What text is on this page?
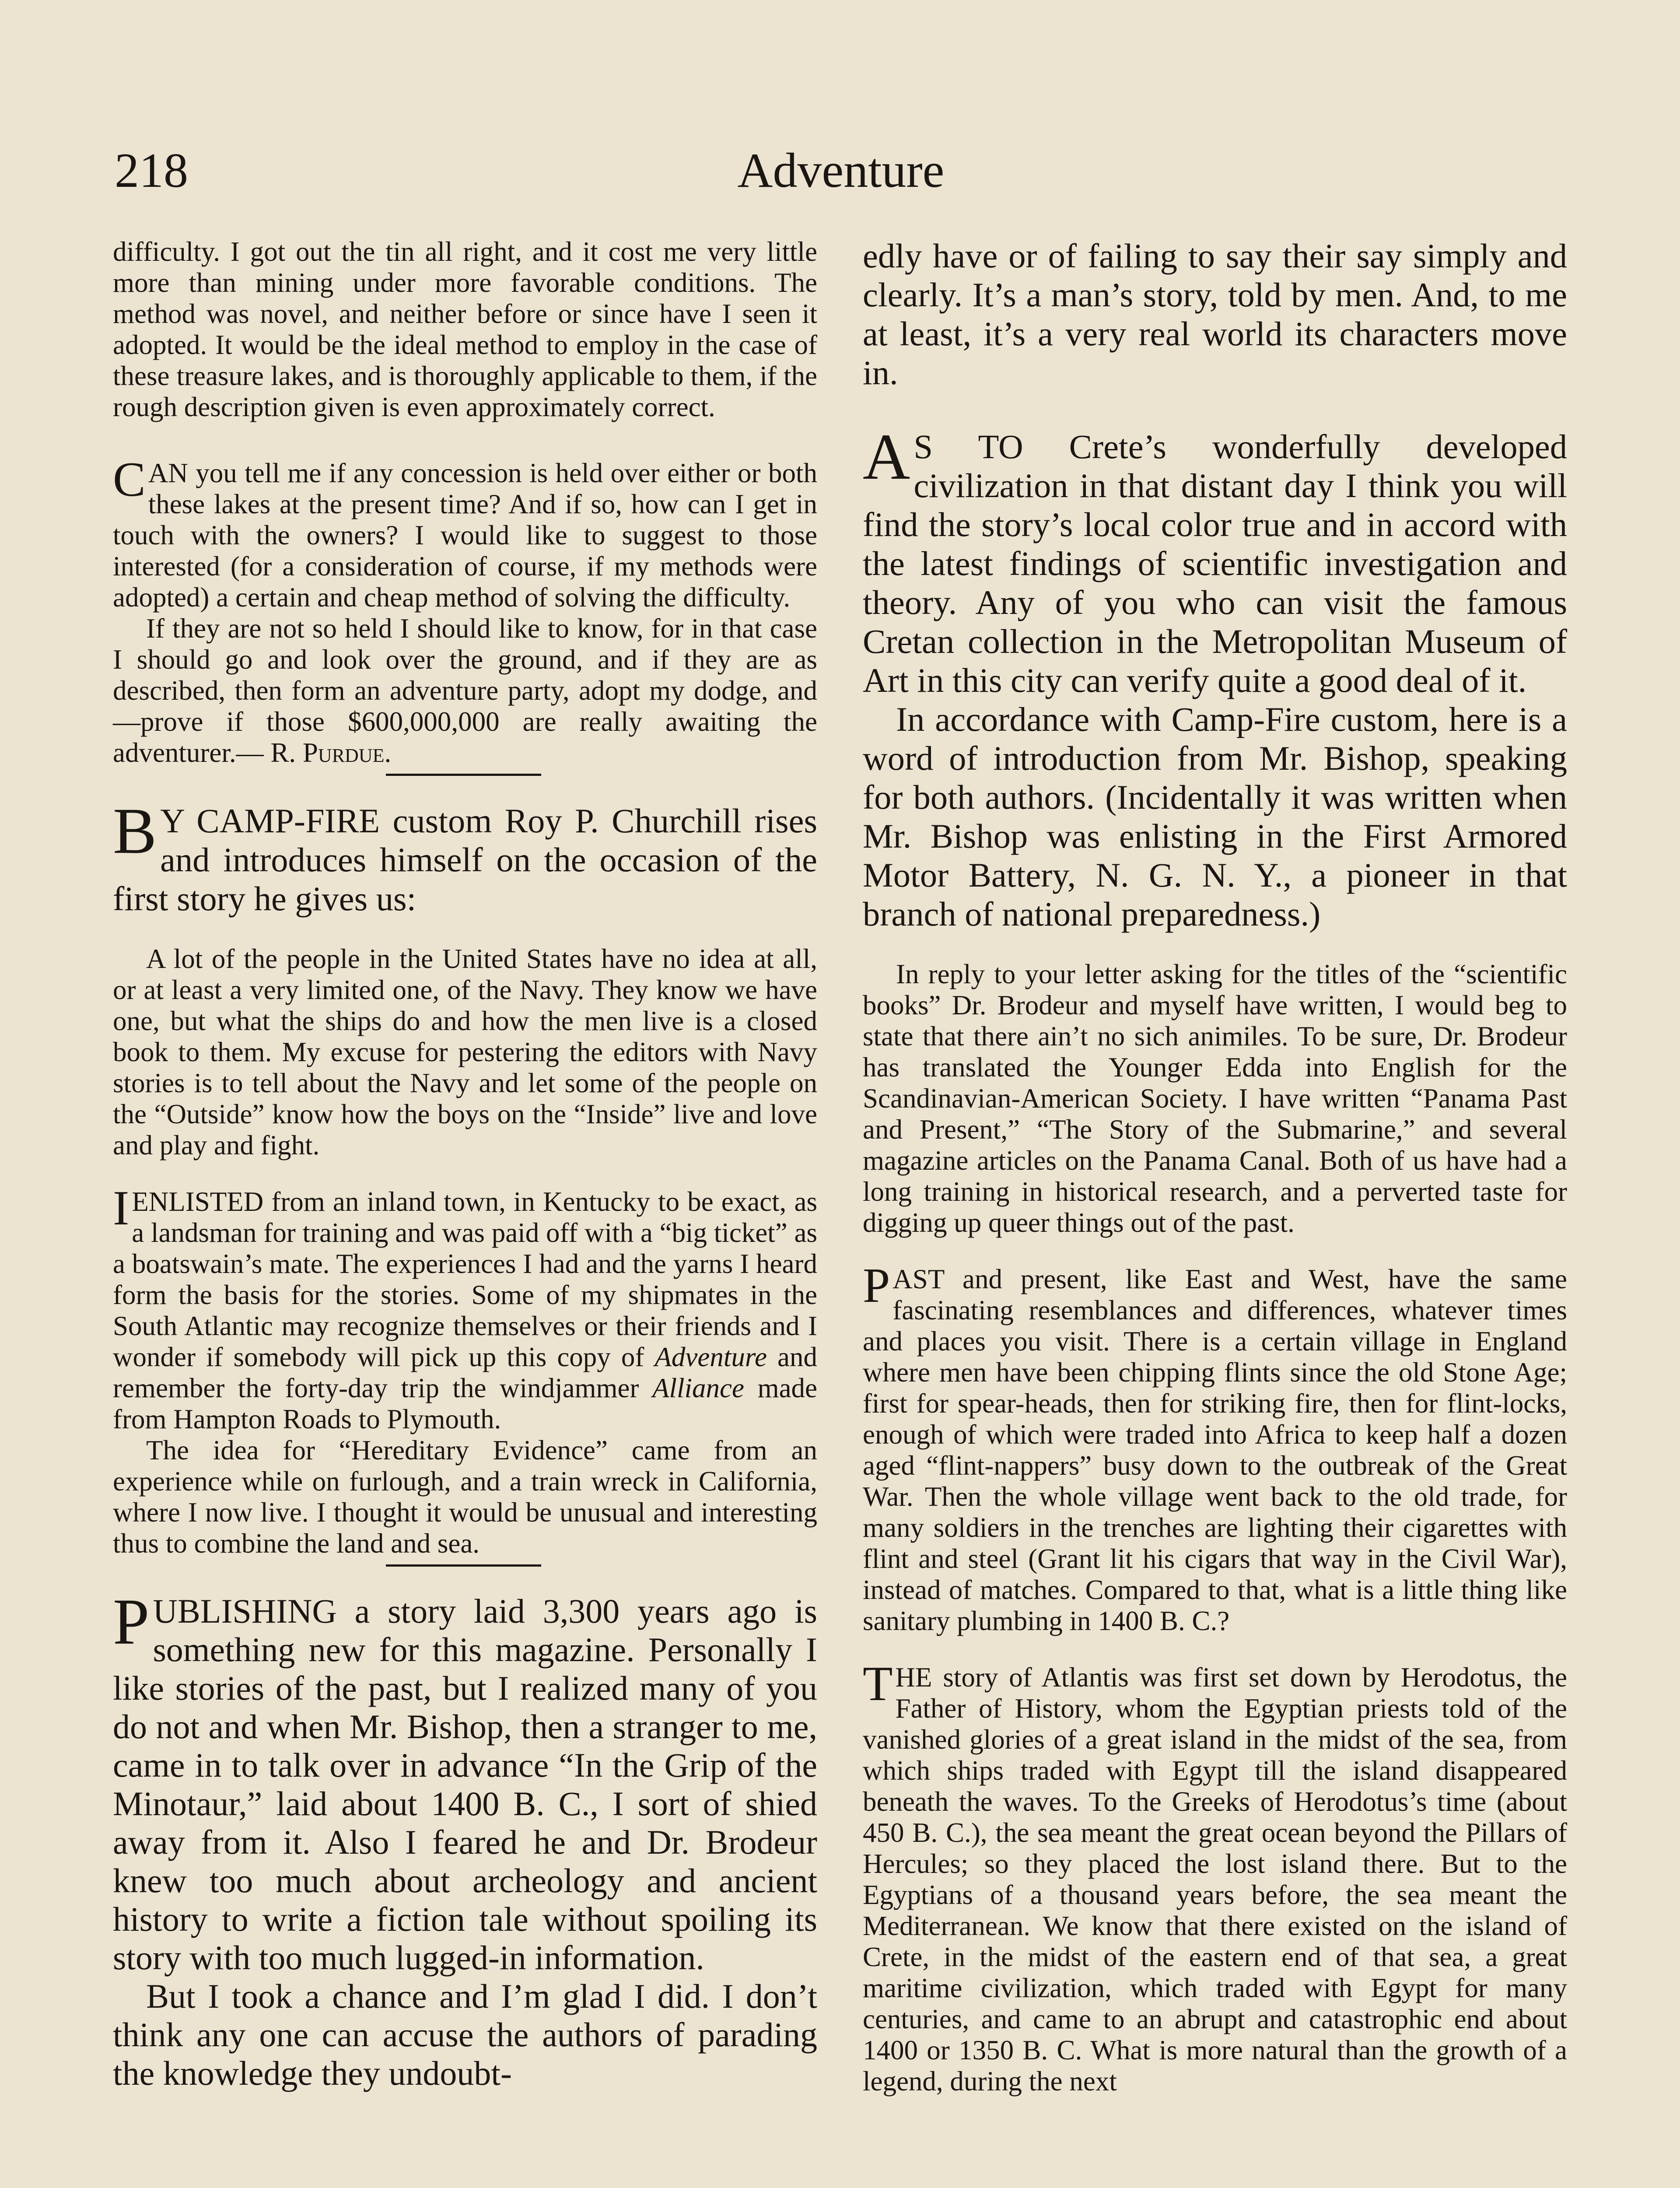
218	Adventure

difficulty. I got out the tin all right, and it cost me very little more than mining under more favorable conditions. The method was novel, and neither before or since have I seen it adopted. It would be the ideal method to employ in the case of these treasure lakes, and is thoroughly applicable to them, if the rough description given is even approximately correct.

CAN you tell me if any concession is held over either or both these lakes at the present time? And if so, how can I get in touch with the owners? I would like to suggest to those interested (for a consideration of course, if my methods were adopted) a certain and cheap method of solving the difficulty.

If they are not so held I should like to know, for in that case I should go and look over the ground, and if they are as described, then form an adventure party, adopt my dodge, and—prove if those $600,000,000 are really awaiting the adventurer.— R. Purdue.

B Y CAMP-FIRE custom Roy P. Churchill rises and introduces himself on the occasion of the first story he gives us:

A lot of the people in the United States have no idea at all, or at least a very limited one, of the Navy. They know we have one, but what the ships do and how the men live is a closed book to them. My excuse for pestering the editors with Navy stories is to tell about the Navy and let some of the people on the “Outside” know how the boys on the “Inside” live and love and play and fight.

IENLISTED from an inland town, in Kentucky to be exact, as a landsman for training and was paid off with a “big ticket” as a boatswain’s mate. The experiences I had and the yarns I heard form the basis for the stories. Some of my shipmates in the South Atlantic may recognize themselves or their friends and I wonder if somebody will pick up this copy of Adventure and remember the forty-day trip the windjammer Alliance made from Hampton Roads to Plymouth.

The idea for “Hereditary Evidence” came from an experience while on furlough, and a train wreck in California, where I now live. I thought it would be unusual and interesting thus to combine the land and sea.

PUBLISHING a story laid 3,300 years ago is something new for this magazine. Personally I like stories of the past, but I realized many of you do not and when Mr. Bishop, then a stranger to me, came in to talk over in advance “In the Grip of the Minotaur,” laid about 1400 B. C., I sort of shied away from it. Also I feared he and Dr. Brodeur knew too much about archeology and ancient history to write a fiction tale without spoiling its story with too much lugged-in information.

But I took a chance and I’m glad I did. I don’t think any one can accuse the authors of parading the knowledge they undoubt-

edly have or of failing to say their say simply and clearly. It’s a man’s story, told by men. And, to me at least, it’s a very real world its characters move in.

A S TO Crete’s wonderfully developed civilization in that distant day I think you will find the story’s local color true and in accord with the latest findings of scientific investigation and theory. Any of you who can visit the famous Cretan collection in the Metropolitan Museum of Art in this city can verify quite a good deal of it.

In accordance with Camp-Fire custom, here is a word of introduction from Mr. Bishop, speaking for both authors. (Incidentally it was written when Mr. Bishop was enlisting in the First Armored Motor Battery, N. G. N. Y., a pioneer in that branch of national preparedness.)

In reply to your letter asking for the titles of the “scientific books” Dr. Brodeur and myself have written, I would beg to state that there ain’t no sich animiles. To be sure, Dr. Brodeur has translated the Younger Edda into English for the Scandinavian-American Society. I have written “Panama Past and Present,” “The Story of the Submarine,” and several magazine articles on the Panama Canal. Both of us have had a long training in historical research, and a perverted taste for digging up queer things out of the past.

PAST and present, like East and West, have the same fascinating resemblances and differences, whatever times and places you visit. There is a certain village in England where men have been chipping flints since the old Stone Age; first for spear-heads, then for striking fire, then for flint-locks, enough of which were traded into Africa to keep half a dozen aged “flint-nappers” busy down to the outbreak of the Great War. Then the whole village went back to the old trade, for many soldiers in the trenches are lighting their cigarettes with flint and steel (Grant lit his cigars that way in the Civil War), instead of matches. Compared to that, what is a little thing like sanitary plumbing in 1400 B. C.?

THE story of Atlantis was first set down by Herodotus, the Father of History, whom the Egyptian priests told of the vanished glories of a great island in the midst of the sea, from which ships traded with Egypt till the island disappeared beneath the waves. To the Greeks of Herodotus’s time (about 450 B. C.), the sea meant the great ocean beyond the Pillars of Hercules; so they placed the lost island there. But to the Egyptians of a thousand years before, the sea meant the Mediterranean. We know that there existed on the island of Crete, in the midst of the eastern end of that sea, a great maritime civilization, which traded with Egypt for many centuries, and came to an abrupt and catastrophic end about 1400 or 1350 B. C. What is more natural than the growth of a legend, during the next
